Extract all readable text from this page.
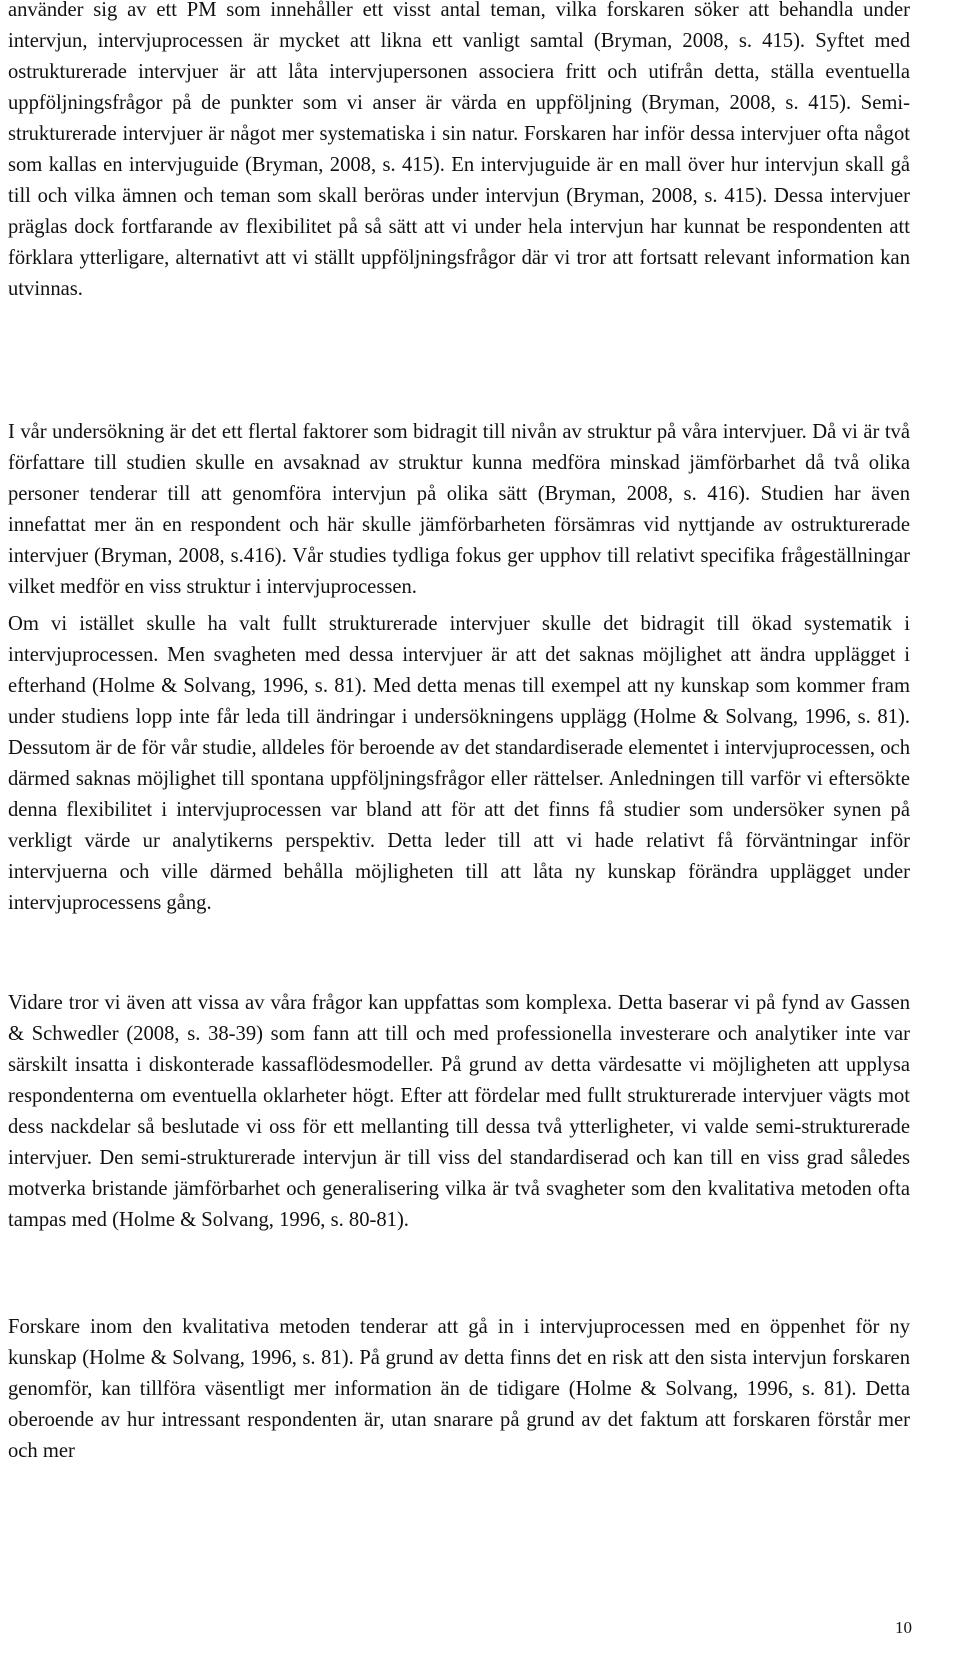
använder sig av ett PM som innehåller ett visst antal teman, vilka forskaren söker att behandla under intervjun, intervjuprocessen är mycket att likna ett vanligt samtal (Bryman, 2008, s. 415). Syftet med ostrukturerade intervjuer är att låta intervjupersonen associera fritt och utifrån detta, ställa eventuella uppföljningsfrågor på de punkter som vi anser är värda en uppföljning (Bryman, 2008, s. 415). Semi-strukturerade intervjuer är något mer systematiska i sin natur. Forskaren har inför dessa intervjuer ofta något som kallas en intervjuguide (Bryman, 2008, s. 415). En intervjuguide är en mall över hur intervjun skall gå till och vilka ämnen och teman som skall beröras under intervjun (Bryman, 2008, s. 415). Dessa intervjuer präglas dock fortfarande av flexibilitet på så sätt att vi under hela intervjun har kunnat be respondenten att förklara ytterligare, alternativt att vi ställt uppföljningsfrågor där vi tror att fortsatt relevant information kan utvinnas.

I vår undersökning är det ett flertal faktorer som bidragit till nivån av struktur på våra intervjuer. Då vi är två författare till studien skulle en avsaknad av struktur kunna medföra minskad jämförbarhet då två olika personer tenderar till att genomföra intervjun på olika sätt (Bryman, 2008, s. 416). Studien har även innefattat mer än en respondent och här skulle jämförbarheten försämras vid nyttjande av ostrukturerade intervjuer (Bryman, 2008, s.416). Vår studies tydliga fokus ger upphov till relativt specifika frågeställningar vilket medför en viss struktur i intervjuprocessen.

Om vi istället skulle ha valt fullt strukturerade intervjuer skulle det bidragit till ökad systematik i intervjuprocessen. Men svagheten med dessa intervjuer är att det saknas möjlighet att ändra upplägget i efterhand (Holme & Solvang, 1996, s. 81). Med detta menas till exempel att ny kunskap som kommer fram under studiens lopp inte får leda till ändringar i undersökningens upplägg (Holme & Solvang, 1996, s. 81). Dessutom är de för vår studie, alldeles för beroende av det standardiserade elementet i intervjuprocessen, och därmed saknas möjlighet till spontana uppföljningsfrågor eller rättelser. Anledningen till varför vi eftersökte denna flexibilitet i intervjuprocessen var bland att för att det finns få studier som undersöker synen på verkligt värde ur analytikerns perspektiv. Detta leder till att vi hade relativt få förväntningar inför intervjuerna och ville därmed behålla möjligheten till att låta ny kunskap förändra upplägget under intervjuprocessens gång.

Vidare tror vi även att vissa av våra frågor kan uppfattas som komplexa. Detta baserar vi på fynd av Gassen & Schwedler (2008, s. 38-39) som fann att till och med professionella investerare och analytiker inte var särskilt insatta i diskonterade kassaflödesmodeller. På grund av detta värdesatte vi möjligheten att upplysa respondenterna om eventuella oklarheter högt. Efter att fördelar med fullt strukturerade intervjuer vägts mot dess nackdelar så beslutade vi oss för ett mellanting till dessa två ytterligheter, vi valde semi-strukturerade intervjuer. Den semi-strukturerade intervjun är till viss del standardiserad och kan till en viss grad således motverka bristande jämförbarhet och generalisering vilka är två svagheter som den kvalitativa metoden ofta tampas med (Holme & Solvang, 1996, s. 80-81).

Forskare inom den kvalitativa metoden tenderar att gå in i intervjuprocessen med en öppenhet för ny kunskap (Holme & Solvang, 1996, s. 81). På grund av detta finns det en risk att den sista intervjun forskaren genomför, kan tillföra väsentligt mer information än de tidigare (Holme & Solvang, 1996, s. 81). Detta oberoende av hur intressant respondenten är, utan snarare på grund av det faktum att forskaren förstår mer och mer

10
